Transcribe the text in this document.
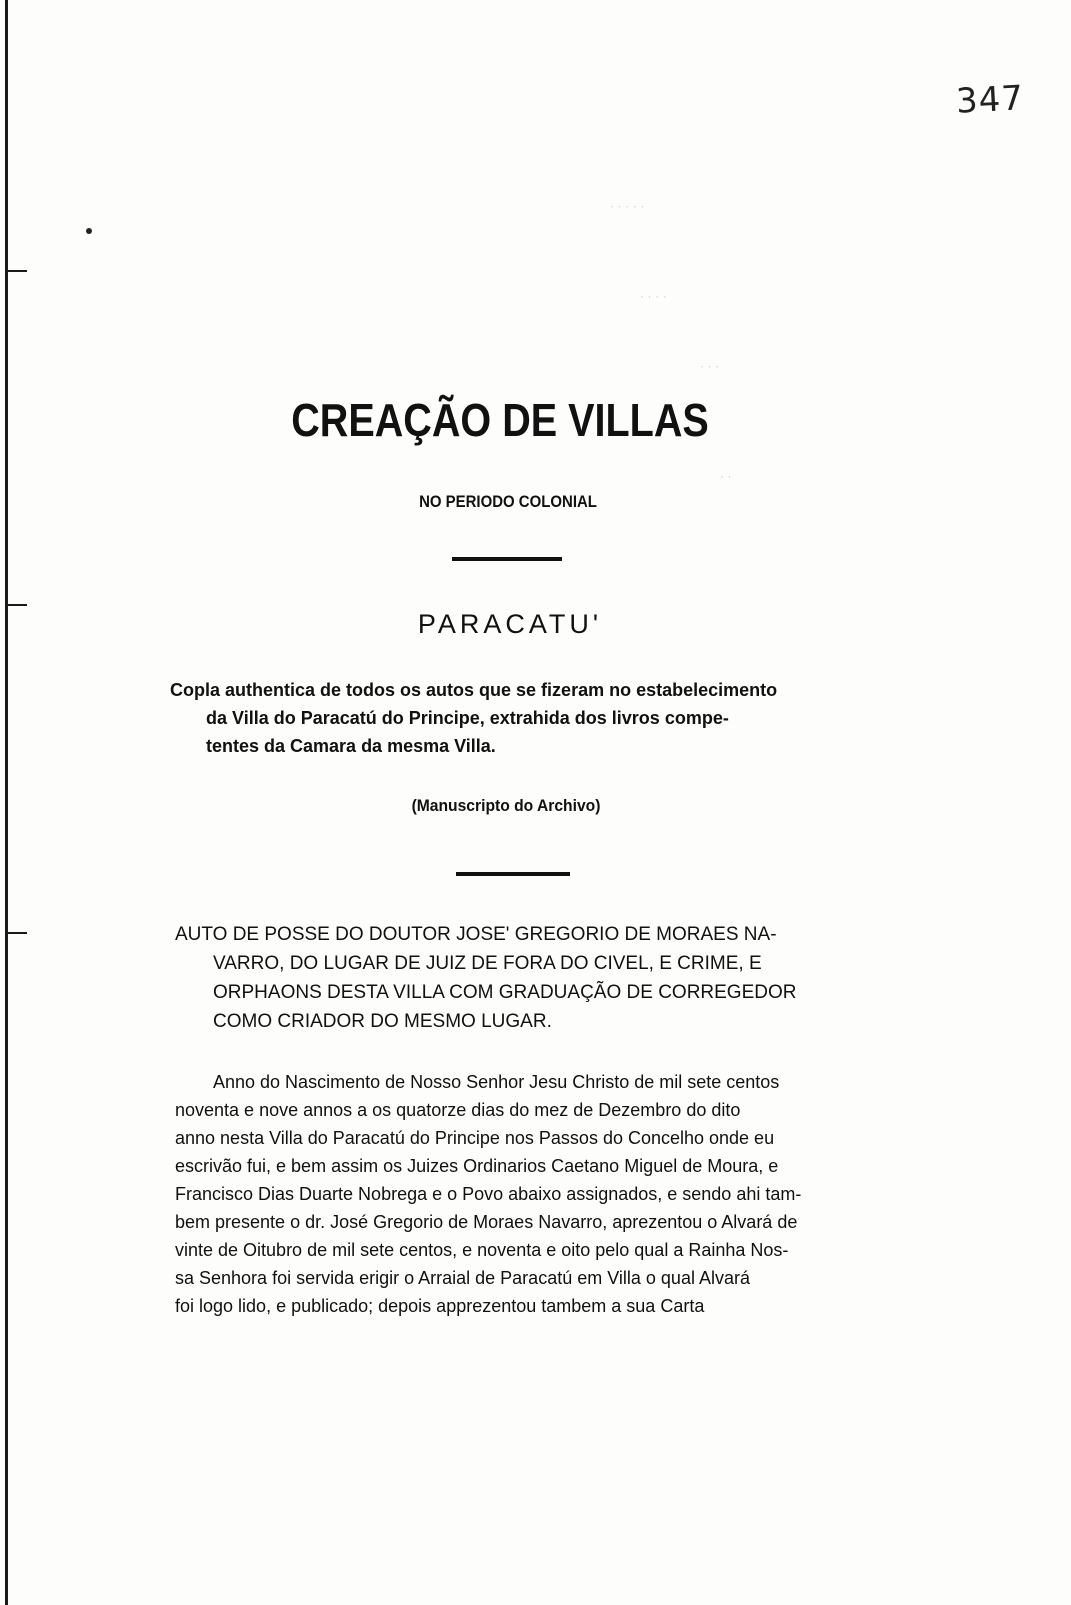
· · · · ·
· · · ·
· · ·
· ·
347
CREAÇÃO DE VILLAS
NO PERIODO COLONIAL
PARACATU'
Copla authentica de todos os autos que se fizeram no estabelecimento
da Villa do Paracatú do Principe, extrahida dos livros compe-
tentes da Camara da mesma Villa.
(Manuscripto do Archivo)
AUTO DE POSSE DO DOUTOR JOSE' GREGORIO DE MORAES NA-
VARRO, DO LUGAR DE JUIZ DE FORA DO CIVEL, E CRIME, E
ORPHAONS DESTA VILLA COM GRADUAÇÃO DE CORREGEDOR
COMO CRIADOR DO MESMO LUGAR.
Anno do Nascimento de Nosso Senhor Jesu Christo de mil sete centos
noventa e nove annos a os quatorze dias do mez de Dezembro do dito
anno nesta Villa do Paracatú do Principe nos Passos do Concelho onde eu
escrivão fui, e bem assim os Juizes Ordinarios Caetano Miguel de Moura, e
Francisco Dias Duarte Nobrega e o Povo abaixo assignados, e sendo ahi tam-
bem presente o dr. José Gregorio de Moraes Navarro, aprezentou o Alvará de
vinte de Oitubro de mil sete centos, e noventa e oito pelo qual a Rainha Nos-
sa Senhora foi servida erigir o Arraial de Paracatú em Villa o qual Alvará
foi logo lido, e publicado; depois apprezentou tambem a sua Carta
